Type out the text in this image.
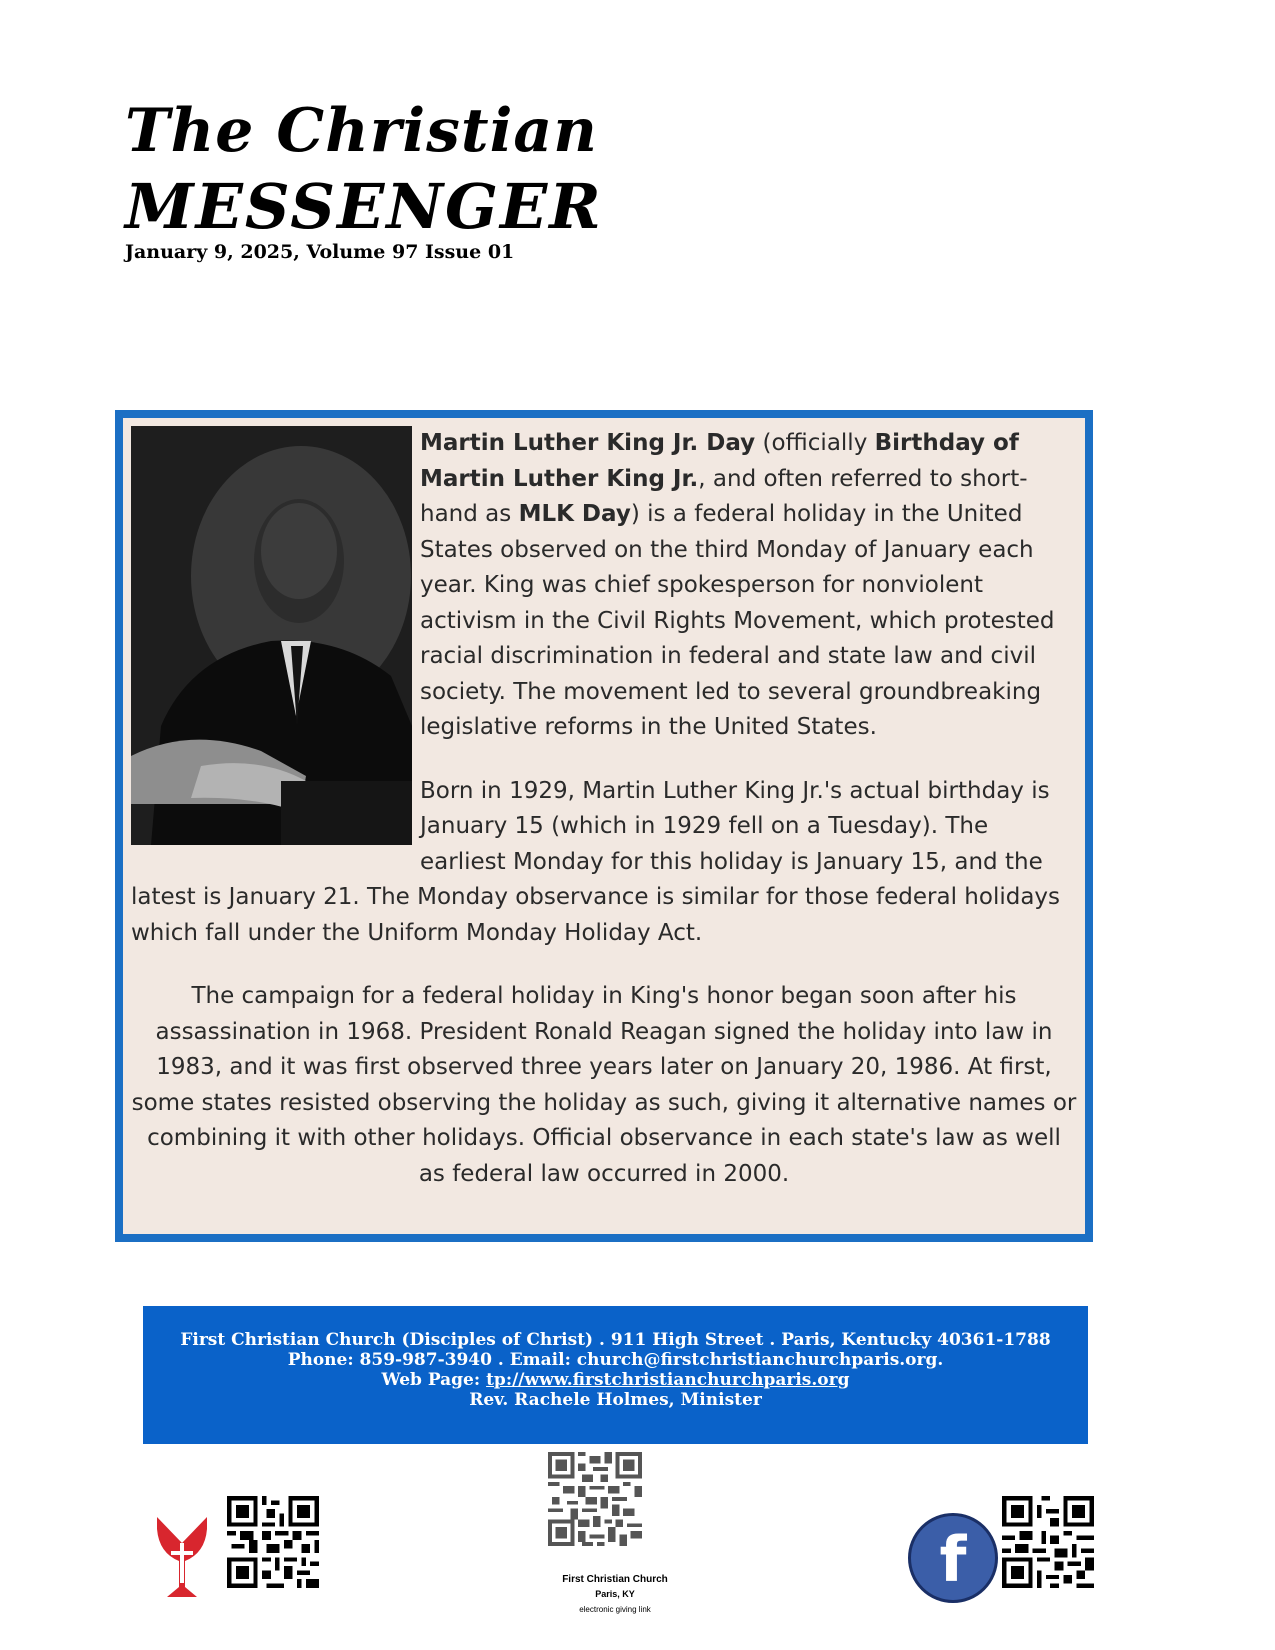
The Christian
MESSENGER
January 9, 2025, Volume 97 Issue 01

Martin Luther King Jr. Day (officially Birthday of Martin Luther King Jr., and often referred to short-hand as MLK Day) is a federal holiday in the United States observed on the third Monday of January each year. King was chief spokesperson for nonviolent activism in the Civil Rights Movement, which protested racial discrimination in federal and state law and civil society. The movement led to several groundbreaking legislative reforms in the United States.

Born in 1929, Martin Luther King Jr.'s actual birthday is January 15 (which in 1929 fell on a Tuesday). The earliest Monday for this holiday is January 15, and the latest is January 21. The Monday observance is similar for those federal holidays which fall under the Uniform Monday Holiday Act.

The campaign for a federal holiday in King's honor began soon after his assassination in 1968. President Ronald Reagan signed the holiday into law in 1983, and it was first observed three years later on January 20, 1986. At first, some states resisted observing the holiday as such, giving it alternative names or combining it with other holidays. Official observance in each state's law as well as federal law occurred in 2000.

First Christian Church (Disciples of Christ) . 911 High Street . Paris, Kentucky 40361-1788
Phone: 859-987-3940 . Email: church@firstchristianchurchparis.org.
Web Page: tp://www.firstchristianchurchparis.org
Rev. Rachele Holmes, Minister
First Christian Church
Paris, KY
electronic giving link
f
